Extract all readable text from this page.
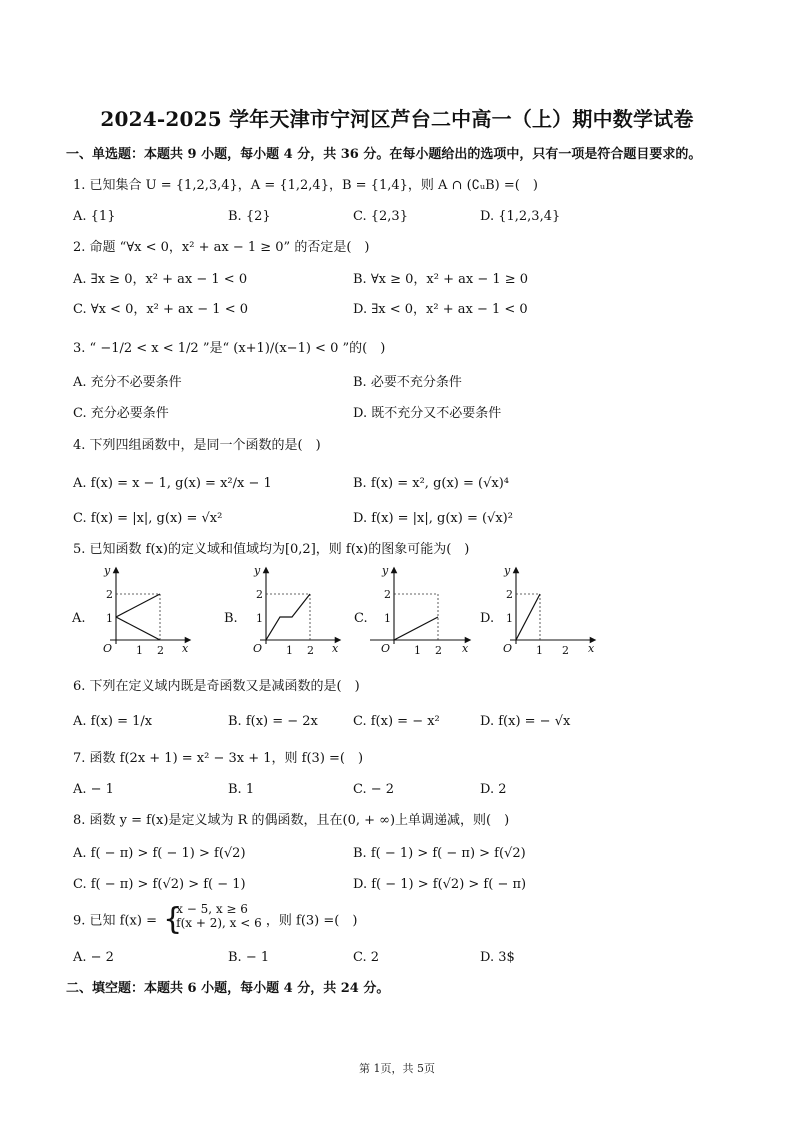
2024-2025 学年天津市宁河区芦台二中高一（上）期中数学试卷
一、单选题：本题共 9 小题，每小题 4 分，共 36 分。在每小题给出的选项中，只有一项是符合题目要求的。
1. 已知集合 U = {1,2,3,4}，A = {1,2,4}，B = {1,4}，则 A ∩ (∁ᵤB) =(　)
A. {1}	B. {2}	C. {2,3}	D. {1,2,3,4}
2. 命题 “∀x < 0，x² + ax − 1 ≥ 0” 的否定是(　)
A. ∃x ≥ 0，x² + ax − 1 < 0	B. ∀x ≥ 0，x² + ax − 1 ≥ 0
C. ∀x < 0，x² + ax − 1 < 0	D. ∃x < 0，x² + ax − 1 < 0
3. “ −1/2 < x < 1/2 ”是“ (x+1)/(x−1) < 0 ”的(　)
A. 充分不必要条件	B. 必要不充分条件
C. 充分必要条件	D. 既不充分又不必要条件
4. 下列四组函数中，是同一个函数的是(　)
A. f(x) = x − 1, g(x) = x²/x − 1	B. f(x) = x², g(x) = (√x)⁴
C. f(x) = |x|, g(x) = √x²	D. f(x) = |x|, g(x) = (√x)²
5. 已知函数 f(x)的定义域和值域均为[0,2]，则 f(x)的图象可能为(　)
A.
y
x
O
2
1
1 2
B.
y
x
O
2
1
1 2
C.
y
x
O
2
1
1 2
D.
y
x
O
2
1
1 2
6. 下列在定义域内既是奇函数又是减函数的是(　)
A. f(x) = 1/x	B. f(x) = − 2x	C. f(x) = − x²	D. f(x) = − √x
7. 函数 f(2x + 1) = x² − 3x + 1，则 f(3) =(　)
A. − 1	B. 1	C. − 2	D. 2
8. 函数 y = f(x)是定义域为 R 的偶函数，且在(0, + ∞)上单调递减，则(　)
A. f( − π) > f( − 1) > f(√2)	B. f( − 1) > f( − π) > f(√2)
C. f( − π) > f(√2) > f( − 1)	D. f( − 1) > f(√2) > f( − π)
9. 已知 f(x) = {
x − 5, x ≥ 6
f(x + 2), x < 6 ，则 f(3) =(　)
A. − 2	B. − 1	C. 2	D. 3$
二、填空题：本题共 6 小题，每小题 4 分，共 24 分。
第 1页，共 5页
